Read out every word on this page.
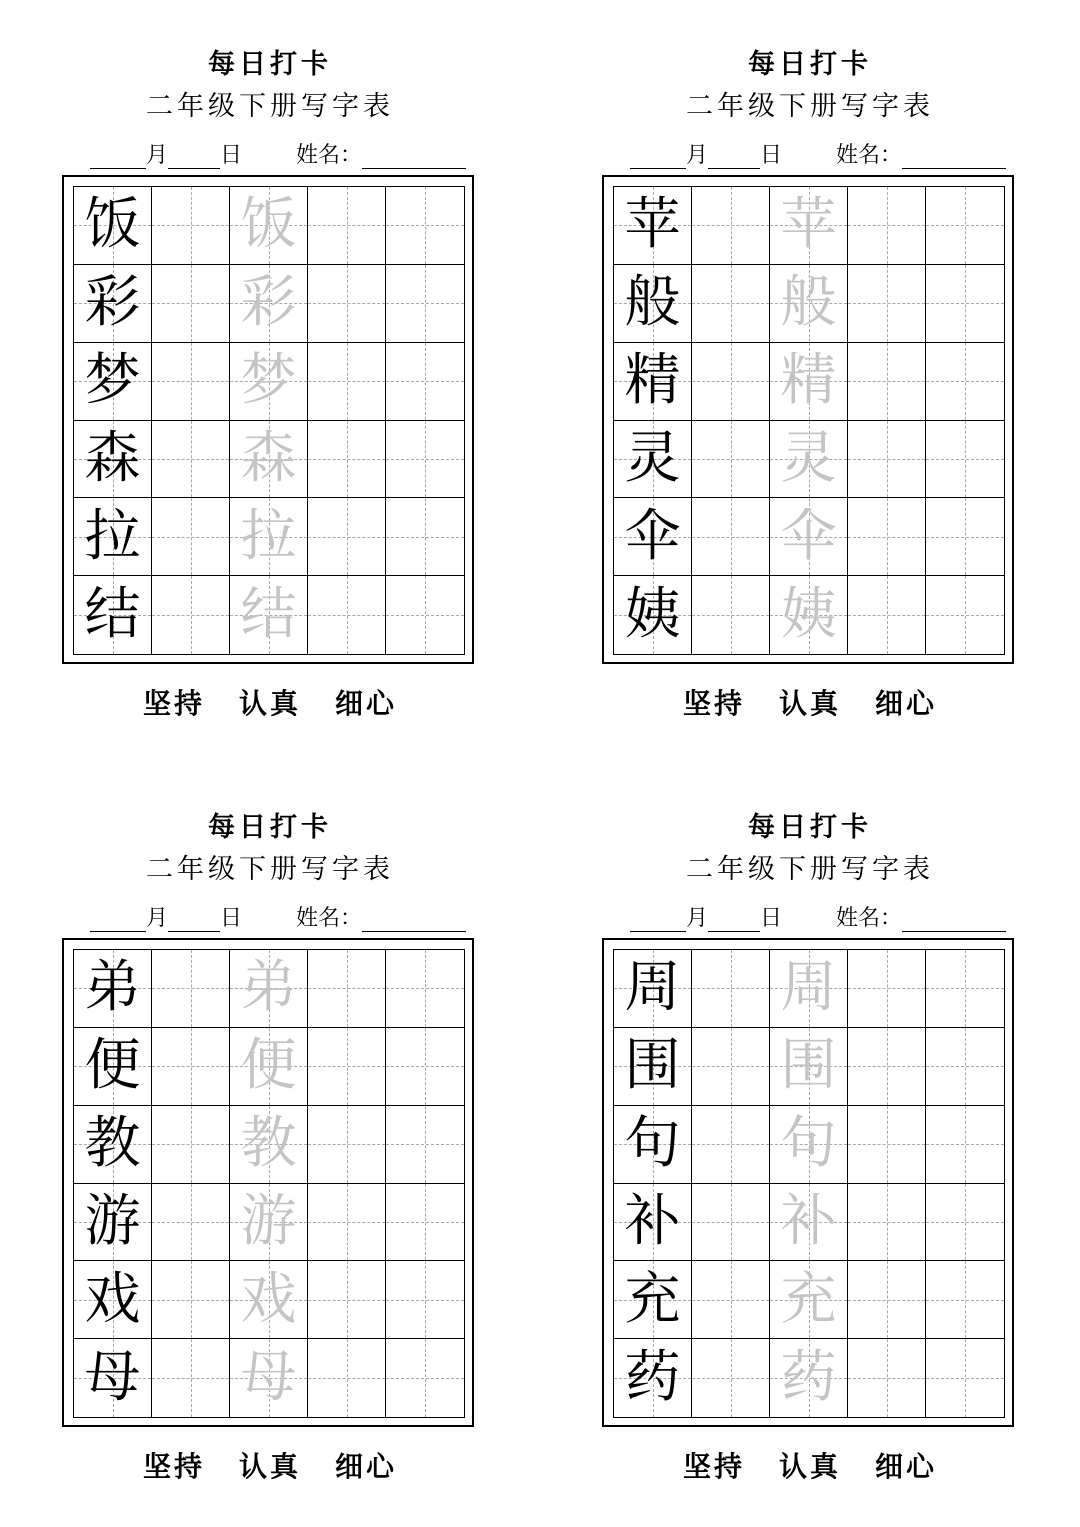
每日打卡
二年级下册写字表
月 日 姓名：
饭 饭
彩 彩
梦 梦
森 森
拉 拉
结 结
坚持 认真 细心
每日打卡
二年级下册写字表
月 日 姓名：
苹 苹
般 般
精 精
灵 灵
伞 伞
姨 姨
坚持 认真 细心
每日打卡
二年级下册写字表
月 日 姓名：
弟 弟
便 便
教 教
游 游
戏 戏
母 母
坚持 认真 细心
每日打卡
二年级下册写字表
月 日 姓名：
周 周
围 围
句 句
补 补
充 充
药 药
坚持 认真 细心
